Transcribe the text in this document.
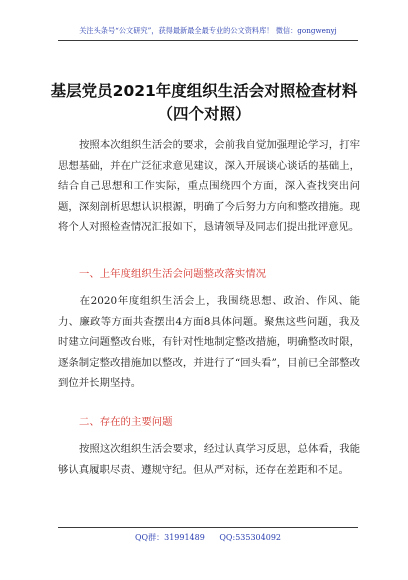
关注头条号“公文研究”，获得最新最全最专业的公文资料库！ 微信：gongwenyj
基层党员2021年度组织生活会对照检查材料
（四个对照）
按照本次组织生活会的要求，会前我自觉加强理论学习，打牢思想基础，并在广泛征求意见建议，深入开展谈心谈话的基础上，结合自己思想和工作实际，重点围绕四个方面，深入查找突出问题，深刻剖析思想认识根源，明确了今后努力方向和整改措施。现将个人对照检查情况汇报如下，恳请领导及同志们提出批评意见。
一、上年度组织生活会问题整改落实情况
在2020年度组织生活会上，我围绕思想、政治、作风、能力、廉政等方面共查摆出4方面8具体问题。聚焦这些问题，我及时建立问题整改台账，有针对性地制定整改措施，明确整改时限，逐条制定整改措施加以整改，并进行了“回头看”，目前已全部整改到位并长期坚持。
二、存在的主要问题
按照这次组织生活会要求，经过认真学习反思，总体看，我能够认真履职尽责、遵规守纪。但从严对标，还存在差距和不足。
QQ群：31991489 QQ:535304092
